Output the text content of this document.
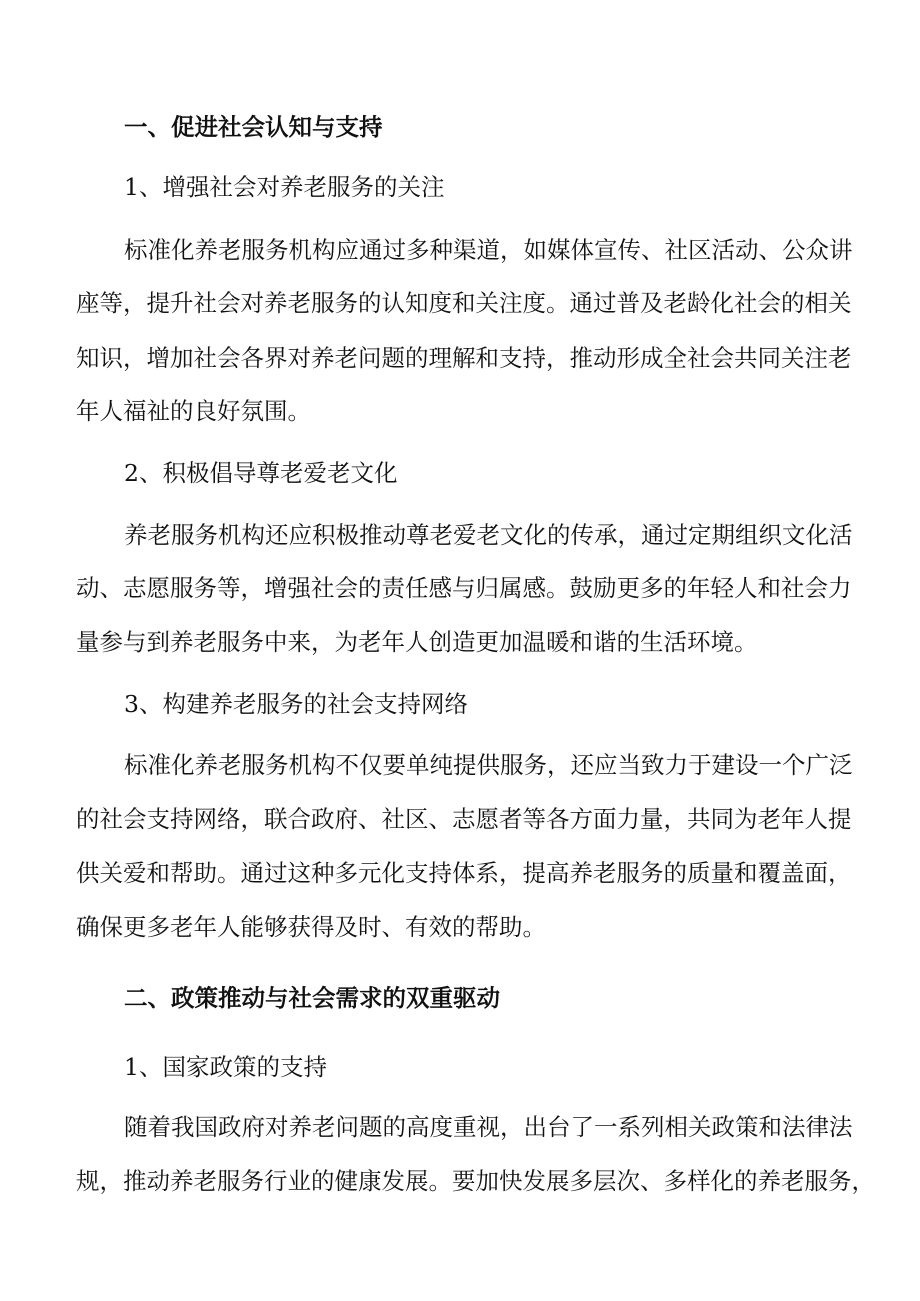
一、促进社会认知与支持
1、增强社会对养老服务的关注
标准化养老服务机构应通过多种渠道，如媒体宣传、社区活动、公众讲
座等，提升社会对养老服务的认知度和关注度。通过普及老龄化社会的相关
知识，增加社会各界对养老问题的理解和支持，推动形成全社会共同关注老
年人福祉的良好氛围。
2、积极倡导尊老爱老文化
养老服务机构还应积极推动尊老爱老文化的传承，通过定期组织文化活
动、志愿服务等，增强社会的责任感与归属感。鼓励更多的年轻人和社会力
量参与到养老服务中来，为老年人创造更加温暖和谐的生活环境。
3、构建养老服务的社会支持网络
标准化养老服务机构不仅要单纯提供服务，还应当致力于建设一个广泛
的社会支持网络，联合政府、社区、志愿者等各方面力量，共同为老年人提
供关爱和帮助。通过这种多元化支持体系，提高养老服务的质量和覆盖面，
确保更多老年人能够获得及时、有效的帮助。
二、政策推动与社会需求的双重驱动
1、国家政策的支持
随着我国政府对养老问题的高度重视，出台了一系列相关政策和法律法
规，推动养老服务行业的健康发展。要加快发展多层次、多样化的养老服务，
